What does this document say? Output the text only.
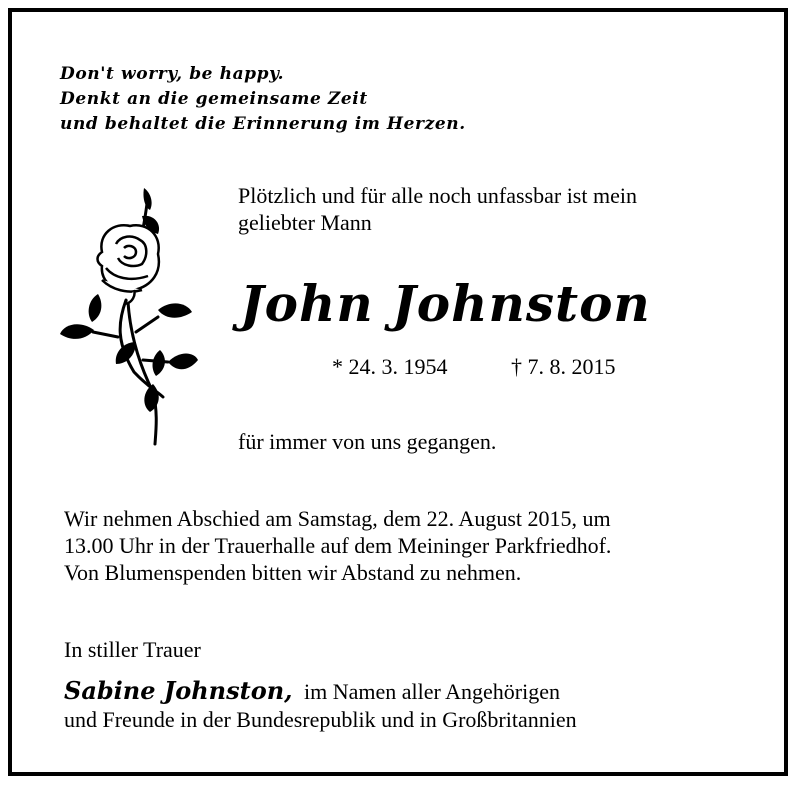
Don't worry, be happy.
Denkt an die gemeinsame Zeit
und behaltet die Erinnerung im Herzen.
Plötzlich und für alle noch unfassbar ist mein
geliebter Mann
John Johnston
* 24. 3. 1954	† 7. 8. 2015
für immer von uns gegangen.
Wir nehmen Abschied am Samstag, dem 22. August 2015, um
13.00 Uhr in der Trauerhalle auf dem Meininger Parkfriedhof.
Von Blumenspenden bitten wir Abstand zu nehmen.
In stiller Trauer
Sabine Johnston, im Namen aller Angehörigen
und Freunde in der Bundesrepublik und in Großbritannien
